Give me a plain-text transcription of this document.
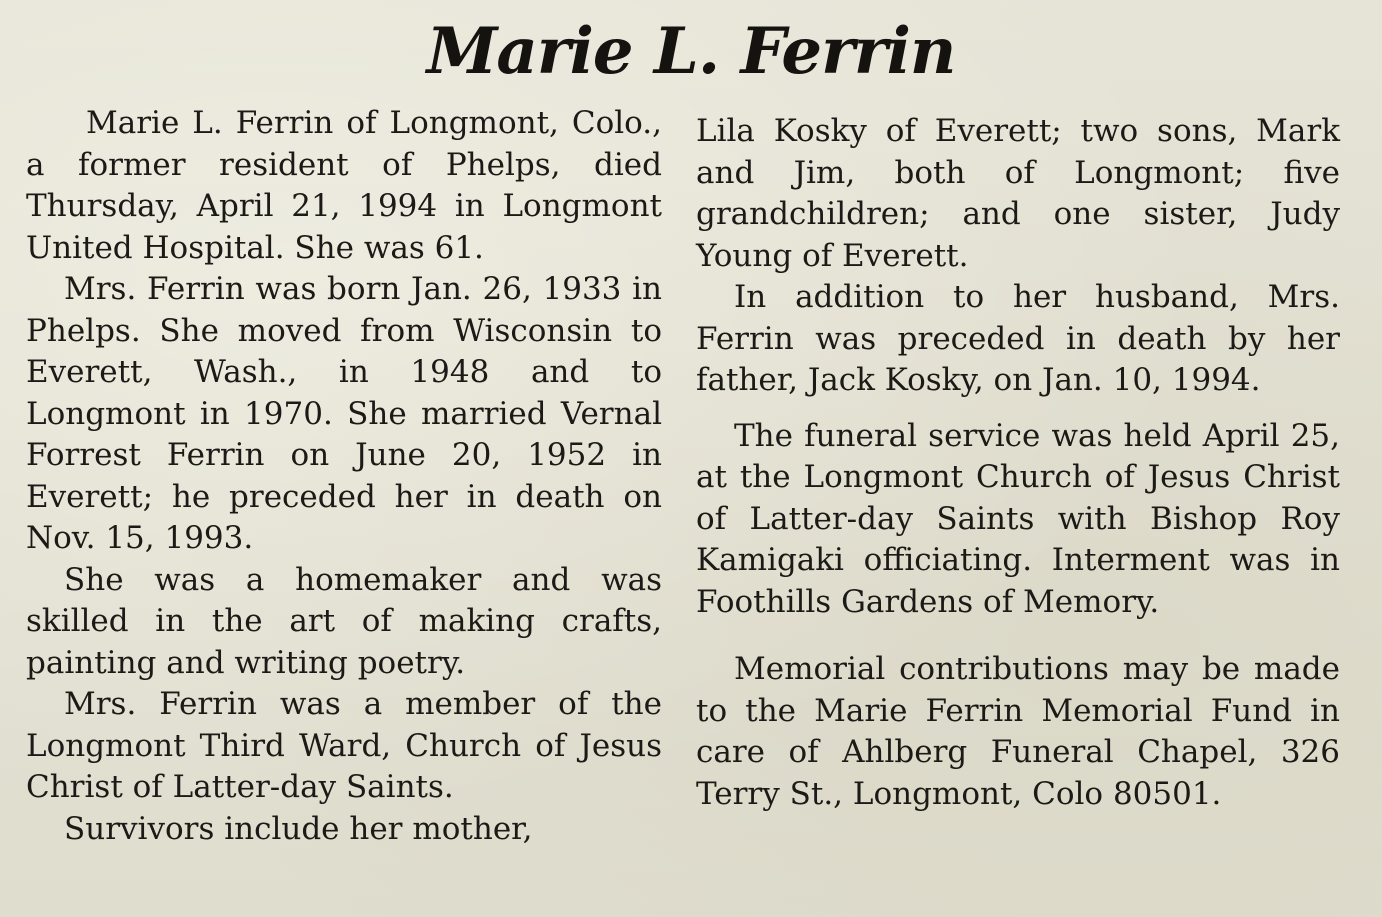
Marie L. Ferrin

Marie L. Ferrin of Longmont, Colo., a former resident of Phelps, died Thursday, April 21, 1994 in Longmont United Hospital. She was 61.

Mrs. Ferrin was born Jan. 26, 1933 in Phelps. She moved from Wisconsin to Everett, Wash., in 1948 and to Longmont in 1970. She married Vernal Forrest Ferrin on June 20, 1952 in Everett; he preceded her in death on Nov. 15, 1993.

She was a homemaker and was skilled in the art of making crafts, painting and writing poetry.

Mrs. Ferrin was a member of the Longmont Third Ward, Church of Jesus Christ of Latter-day Saints.

Survivors include her mother,

Lila Kosky of Everett; two sons, Mark and Jim, both of Longmont; five grandchildren; and one sister, Judy Young of Everett.

In addition to her husband, Mrs. Ferrin was preceded in death by her father, Jack Kosky, on Jan. 10, 1994.

The funeral service was held April 25, at the Longmont Church of Jesus Christ of Latter-day Saints with Bishop Roy Kamigaki officiating. Interment was in Foothills Gardens of Memory.

Memorial contributions may be made to the Marie Ferrin Memorial Fund in care of Ahlberg Funeral Chapel, 326 Terry St., Longmont, Colo 80501.
